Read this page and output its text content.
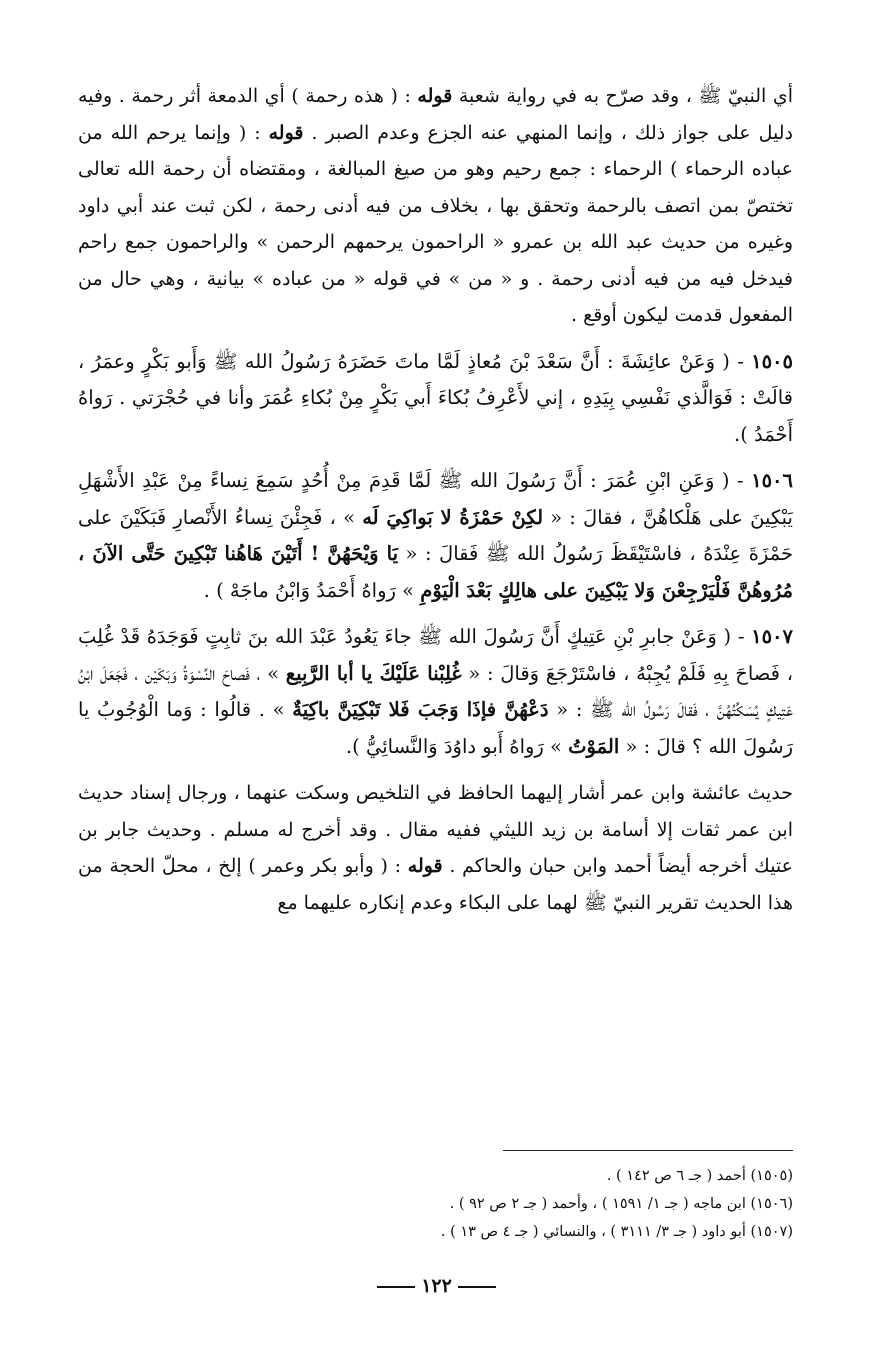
أي النبيّ ﷺ ، وقد صرّح به في رواية شعبة قوله : ( هذه رحمة ) أي الدمعة أثر رحمة . وفيه دليل على جواز ذلك ، وإنما المنهي عنه الجزع وعدم الصبر . قوله : ( وإنما يرحم الله من عباده الرحماء ) الرحماء : جمع رحيم وهو من صيغ المبالغة ، ومقتضاه أن رحمة الله تعالى تختصّ بمن اتصف بالرحمة وتحقق بها ، بخلاف من فيه أدنى رحمة ، لكن ثبت عند أبي داود وغيره من حديث عبد الله بن عمرو « الراحمون يرحمهم الرحمن » والراحمون جمع راحم فيدخل فيه من فيه أدنى رحمة . و « من » في قوله « من عباده » بيانية ، وهي حال من المفعول قدمت ليكون أوقع .

١٥٠٥ - ( وَعَنْ عائِشَةَ : أَنَّ سَعْدَ بْنَ مُعاذٍ لَمَّا ماتَ حَضَرَهُ رَسُولُ الله ﷺ وَأَبو بَكْرٍ وعمَرُ ، قالَتْ : فَوَالَّذي نَفْسِي بِيَدِهِ ، إني لأَعْرِفُ بُكاءَ أَبي بَكْرٍ مِنْ بُكاءِ عُمَرَ وأنا في حُجْرَتي . رَواهُ أَحْمَدُ ).

١٥٠٦ - ( وَعَنِ ابْنِ عُمَرَ : أَنَّ رَسُولَ الله ﷺ لَمَّا قَدِمَ مِنْ أُحُدٍ سَمِعَ نِساءً مِنْ عَبْدِ الأَشْهَلِ يَبْكِينَ على هَلْكاهُنَّ ، فقالَ : « لكِنْ حَمْزَةُ لا بَواكِيَ لَه » ، فَجِئْنَ نِساءُ الأَنْصارِ فَبَكَيْنَ على حَمْزَةَ عِنْدَهُ ، فاسْتَيْقَظَ رَسُولُ الله ﷺ فَقالَ : « يَا وَيْحَهُنَّ ! أَتَيْنَ هَاهُنا تَبْكِينَ حَتَّى الآنَ ، مُرُوهُنَّ فَلْيَرْجِعْنَ وَلا يَبْكِينَ على هالِكٍ بَعْدَ الْيَوْمِ » رَواهُ أَحْمَدُ وَابْنُ ماجَهْ ) .

١٥٠٧ - ( وَعَنْ جابرِ بْنِ عَتِيكٍ أَنَّ رَسُولَ الله ﷺ جاءَ يَعُودُ عَبْدَ الله بنَ ثابِتٍ فَوَجَدَهُ قَدْ غُلِبَ ، فَصاحَ بِهِ فَلَمْ يُجِبْهُ ، فاسْتَرْجَعَ وَقالَ : « غُلِبْنا عَلَيْكَ يا أبا الرَّبِيع » ، فَصاحَ النِّسْوَةُ وَبَكَيْن ، فَجَعَلَ ابْنُ عَتِيكٍ يُسَكِّتُهُنَّ ، فَقالَ رَسُولُ الله ﷺ : « دَعْهُنَّ فإذَا وَجَبَ فَلا تَبْكِيَنَّ باكِيَةٌ » . قالُوا : وَما الْوُجُوبُ يا رَسُولَ الله ؟ قالَ : « المَوْتُ » رَواهُ أَبو داوُدَ وَالنَّسائِيُّ ).

حديث عائشة وابن عمر أشار إليهما الحافظ في التلخيص وسكت عنهما ، ورجال إسناد حديث ابن عمر ثقات إلا أسامة بن زيد الليثي ففيه مقال . وقد أخرج له مسلم . وحديث جابر بن عتيك أخرجه أيضاً أحمد وابن حبان والحاكم . قوله : ( وأبو بكر وعمر ) إلخ ، محلّ الحجة من هذا الحديث تقرير النبيّ ﷺ لهما على البكاء وعدم إنكاره عليهما مع

(١٥٠٥) أحمد ( جـ ٦ ص ١٤٢ ) .

(١٥٠٦) ابن ماجه ( جـ ١/ ١٥٩١ ) ، وأحمد ( جـ ٢ ص ٩٢ ) .

(١٥٠٧) أبو داود ( جـ ٣/ ٣١١١ ) ، والنسائي ( جـ ٤ ص ١٣ ) .

١٢٢
